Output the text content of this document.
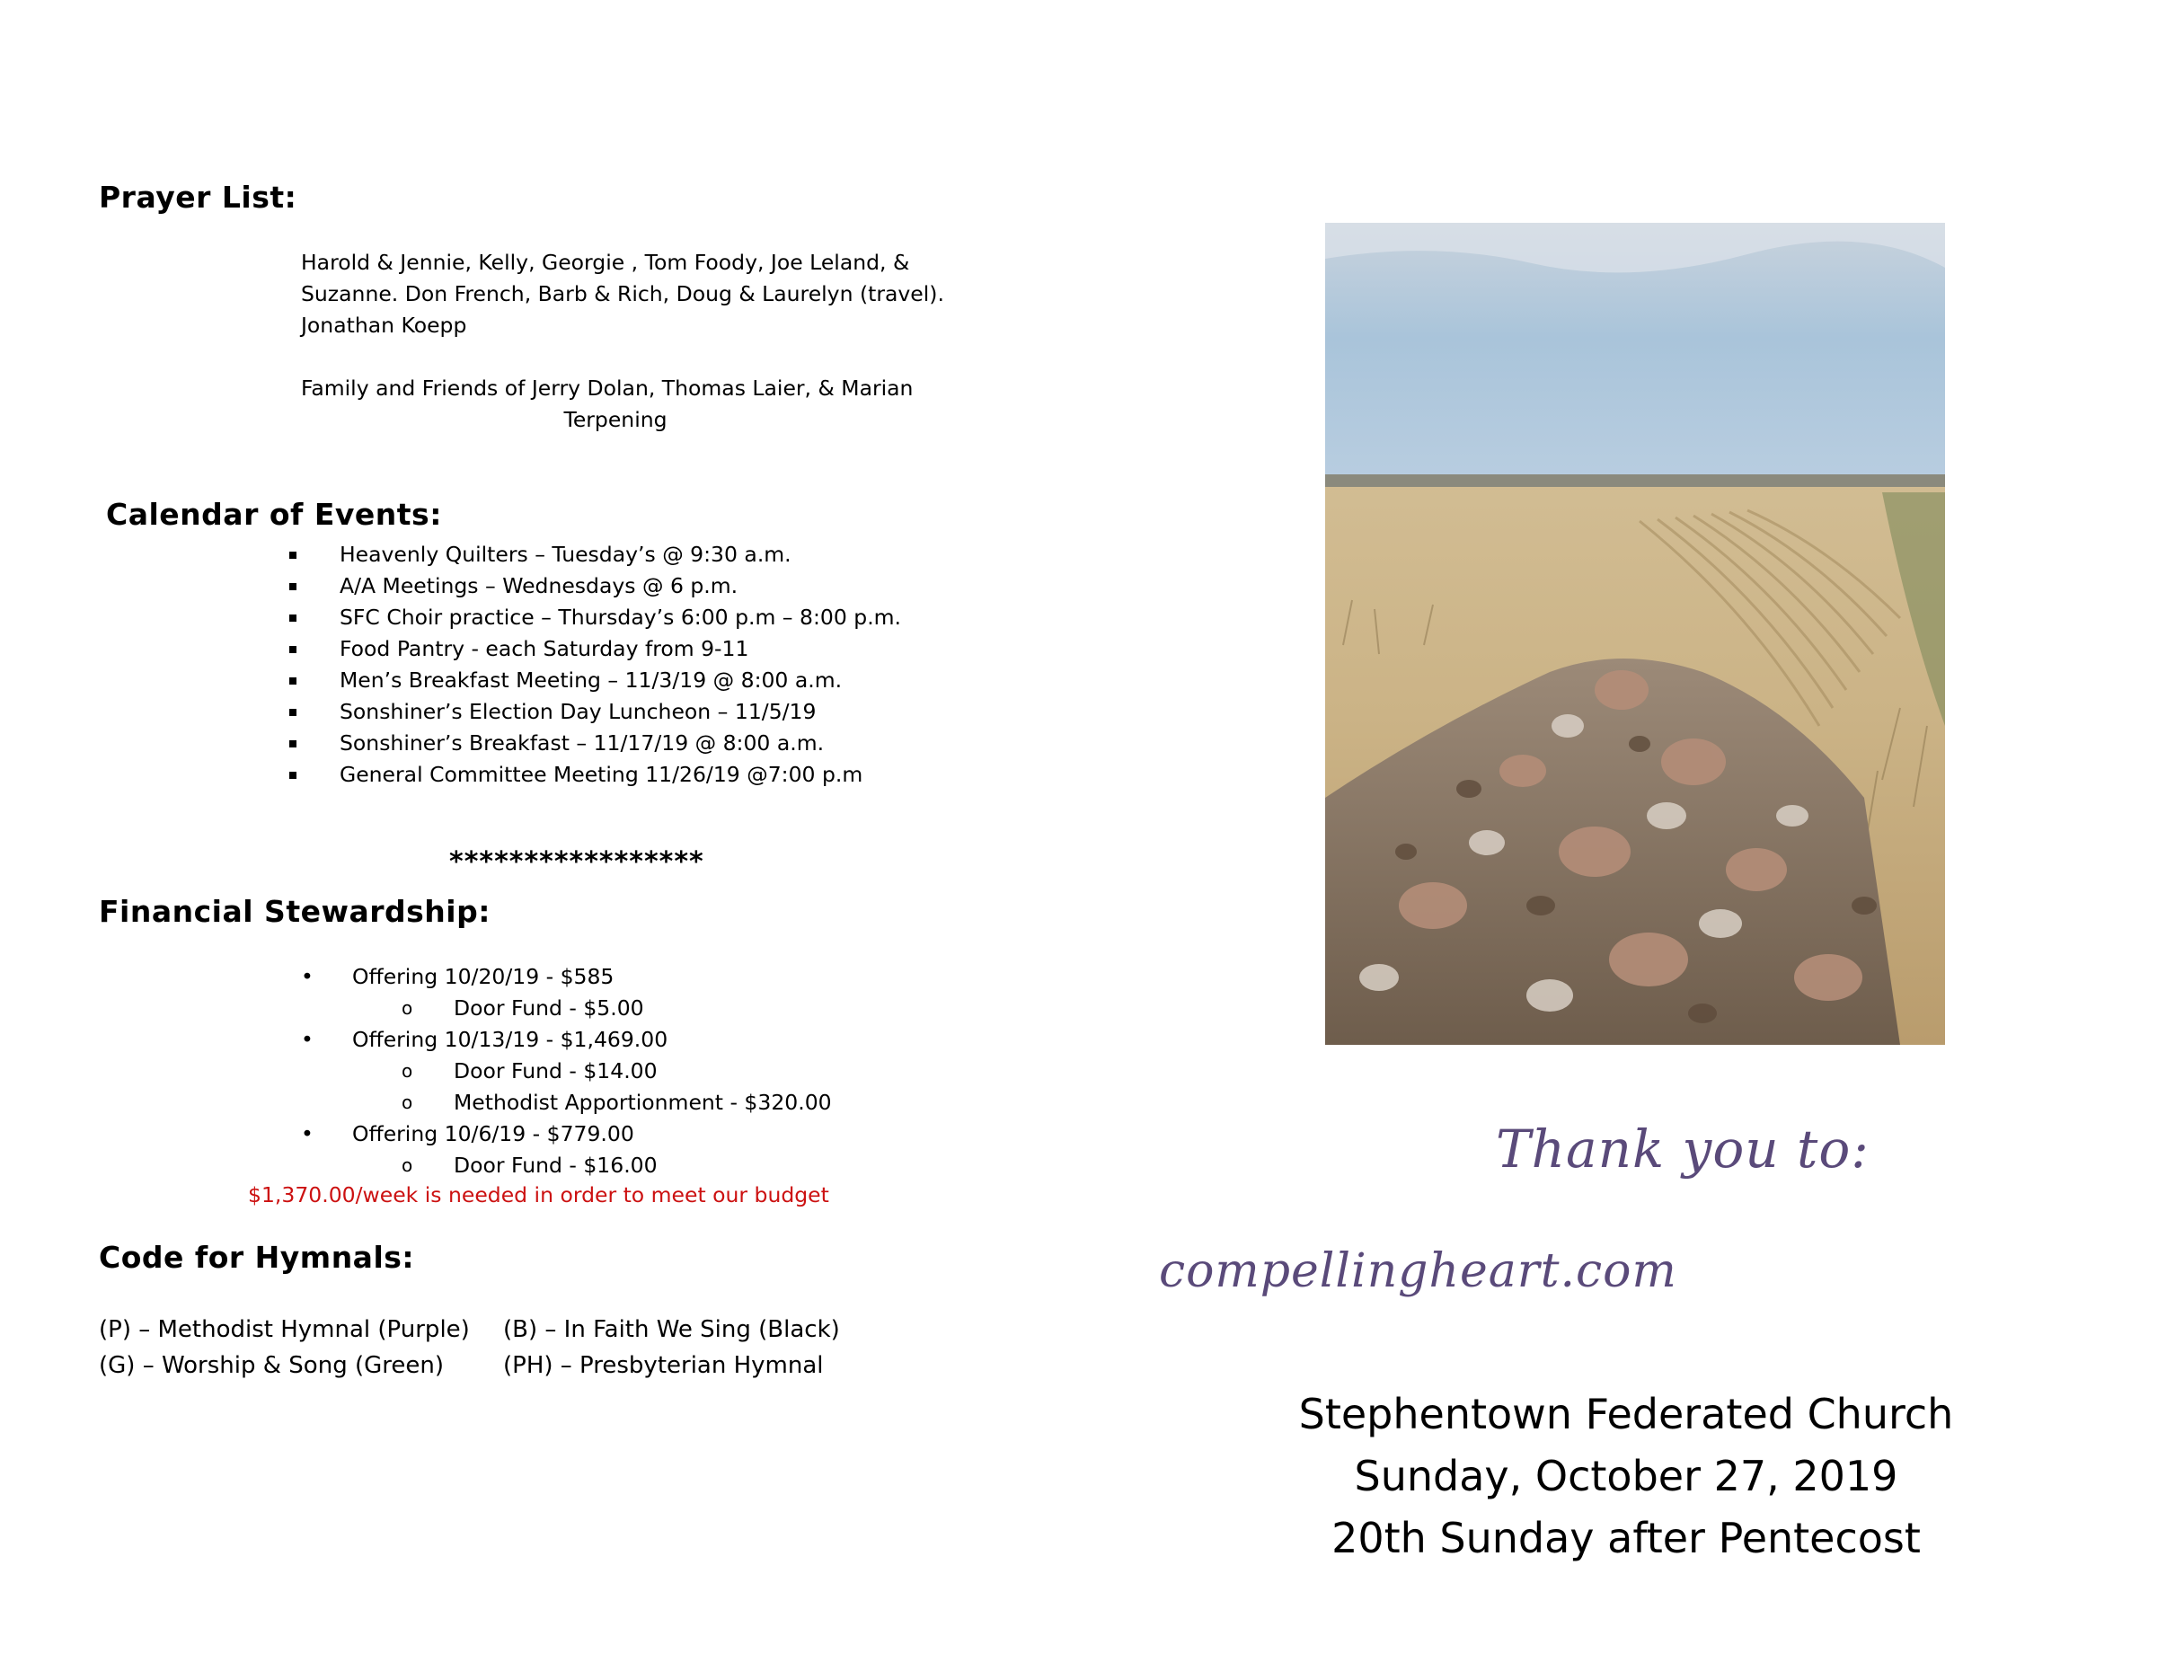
Prayer List:
Harold & Jennie, Kelly, Georgie , Tom Foody, Joe Leland, &
Suzanne. Don French, Barb & Rich, Doug & Laurelyn (travel).
Jonathan Koepp
Family and Friends of Jerry Dolan, Thomas Laier, & Marian
Terpening
Calendar of Events:
Heavenly Quilters – Tuesday’s @ 9:30 a.m.
A/A Meetings – Wednesdays @ 6 p.m.
SFC Choir practice – Thursday’s 6:00 p.m – 8:00 p.m.
Food Pantry - each Saturday from 9-11
Men’s Breakfast Meeting – 11/3/19 @ 8:00 a.m.
Sonshiner’s Election Day Luncheon – 11/5/19
Sonshiner’s Breakfast – 11/17/19 @ 8:00 a.m.
General Committee Meeting 11/26/19 @7:00 p.m
*****************
Financial Stewardship:
• Offering 10/20/19 - $585
o Door Fund - $5.00
• Offering 10/13/19 - $1,469.00
o Door Fund - $14.00
o Methodist Apportionment - $320.00
• Offering 10/6/19 - $779.00
o Door Fund - $16.00
$1,370.00/week is needed in order to meet our budget
Code for Hymnals:
(P) – Methodist Hymnal (Purple)	(B) – In Faith We Sing (Black)
(G) – Worship & Song (Green)	(PH) – Presbyterian Hymnal
Thank you to:
compellingheart.com
Stephentown Federated Church
Sunday, October 27, 2019
20th Sunday after Pentecost
